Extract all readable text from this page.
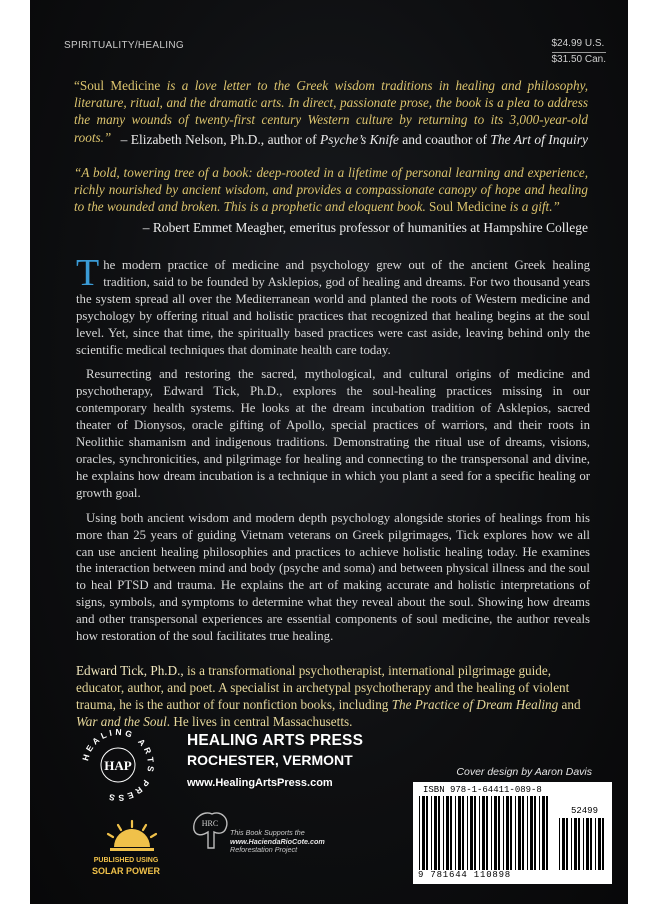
SPIRITUALITY/HEALING	$24.99 U.S.
$31.50 Can.
“Soul Medicine is a love letter to the Greek wisdom traditions in healing and philosophy, literature, ritual, and the dramatic arts. In direct, passionate prose, the book is a plea to address the many wounds of twenty-first century Western culture by returning to its 3,000-year-old roots.” – Elizabeth Nelson, Ph.D., author of Psyche’s Knife and coauthor of The Art of Inquiry
“A bold, towering tree of a book: deep-rooted in a lifetime of personal learning and experience, richly nourished by ancient wisdom, and provides a compassionate canopy of hope and healing to the wounded and broken. This is a prophetic and eloquent book. Soul Medicine is a gift.”
– Robert Emmet Meagher, emeritus professor of humanities at Hampshire College

The modern practice of medicine and psychology grew out of the ancient Greek healing tradition, said to be founded by Asklepios, god of healing and dreams. For two thousand years the system spread all over the Mediterranean world and planted the roots of Western medicine and psychology by offering ritual and holistic practices that recognized that healing begins at the soul level. Yet, since that time, the spiritually based practices were cast aside, leaving behind only the scientific medical techniques that dominate health care today.

Resurrecting and restoring the sacred, mythological, and cultural origins of medicine and psychotherapy, Edward Tick, Ph.D., explores the soul-healing practices missing in our contemporary health systems. He looks at the dream incubation tradition of Asklepios, sacred theater of Dionysos, oracle gifting of Apollo, special practices of warriors, and their roots in Neolithic shamanism and indigenous traditions. Demonstrating the ritual use of dreams, visions, oracles, synchronicities, and pilgrimage for healing and connecting to the transpersonal and divine, he explains how dream incubation is a technique in which you plant a seed for a specific healing or growth goal.

Using both ancient wisdom and modern depth psychology alongside stories of healings from his more than 25 years of guiding Vietnam veterans on Greek pilgrimages, Tick explores how we all can use ancient healing philosophies and practices to achieve holistic healing today. He examines the interaction between mind and body (psyche and soma) and between physical illness and the soul to heal PTSD and trauma. He explains the art of making accurate and holistic interpretations of signs, symbols, and symptoms to determine what they reveal about the soul. Showing how dreams and other transpersonal experiences are essential components of soul medicine, the author reveals how restoration of the soul facilitates true healing.

Edward Tick, Ph.D., is a transformational psychotherapist, international pilgrimage guide, educator, author, and poet. A specialist in archetypal psychotherapy and the healing of violent trauma, he is the author of four nonfiction books, including The Practice of Dream Healing and War and the Soul. He lives in central Massachusetts.
HEALING ARTS PRESS
HAP
HEALING ARTS PRESS
ROCHESTER, VERMONT
www.HealingArtsPress.com
Cover design by Aaron Davis
ISBN 978-1-64411-089-8
52499
9 781644 110898
PUBLISHED USING
SOLAR POWER
HRC
This Book Supports the
www.HaciendaRioCote.com
Reforestation Project
